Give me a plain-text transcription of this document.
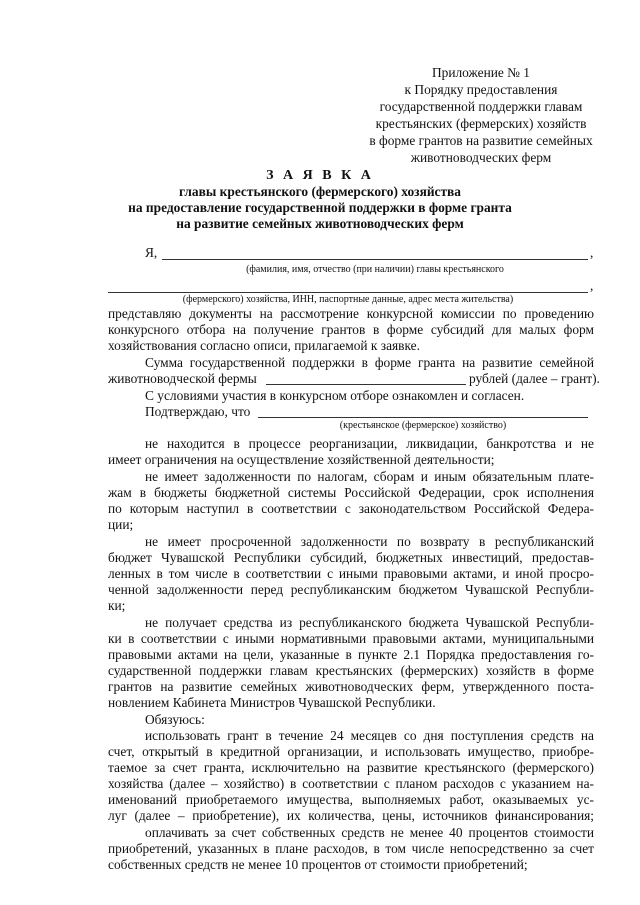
Приложение № 1
к Порядку предоставления
государственной поддержки главам
крестьянских (фермерских) хозяйств
в форме грантов на развитие семейных
животноводческих ферм
З А Я В К А
главы крестьянского (фермерского) хозяйства
на предоставление государственной поддержки в форме гранта
на развитие семейных животноводческих ферм
Я,	,
(фамилия, имя, отчество (при наличии) главы крестьянского
,
(фермерского) хозяйства, ИНН, паспортные данные, адрес места жительства)
представляю документы на рассмотрение конкурсной комиссии по проведению
конкурсного отбора на получение грантов в форме субсидий для малых форм
хозяйствования согласно описи, прилагаемой к заявке.
Сумма государственной поддержки в форме гранта на развитие семейной
животноводческой фермы	рублей (далее – грант).
С условиями участия в конкурсном отборе ознакомлен и согласен.
Подтверждаю, что
(крестьянское (фермерское) хозяйство)
не находится в процессе реорганизации, ликвидации, банкротства и не
имеет ограничения на осуществление хозяйственной деятельности;
не имеет задолженности по налогам, сборам и иным обязательным плате-
жам в бюджеты бюджетной системы Российской Федерации, срок исполнения
по которым наступил в соответствии с законодательством Российской Федера-
ции;
не имеет просроченной задолженности по возврату в республиканский
бюджет Чувашской Республики субсидий, бюджетных инвестиций, предостав-
ленных в том числе в соответствии с иными правовыми актами, и иной просро-
ченной задолженности перед республиканским бюджетом Чувашской Республи-
ки;
не получает средства из республиканского бюджета Чувашской Республи-
ки в соответствии с иными нормативными правовыми актами, муниципальными
правовыми актами на цели, указанные в пункте 2.1 Порядка предоставления го-
сударственной поддержки главам крестьянских (фермерских) хозяйств в форме
грантов на развитие семейных животноводческих ферм, утвержденного поста-
новлением Кабинета Министров Чувашской Республики.
Обязуюсь:
использовать грант в течение 24 месяцев со дня поступления средств на
счет, открытый в кредитной организации, и использовать имущество, приобре-
таемое за счет гранта, исключительно на развитие крестьянского (фермерского)
хозяйства (далее – хозяйство) в соответствии с планом расходов с указанием на-
именований приобретаемого имущества, выполняемых работ, оказываемых ус-
луг (далее – приобретение), их количества, цены, источников финансирования;
оплачивать за счет собственных средств не менее 40 процентов стоимости
приобретений, указанных в плане расходов, в том числе непосредственно за счет
собственных средств не менее 10 процентов от стоимости приобретений;
